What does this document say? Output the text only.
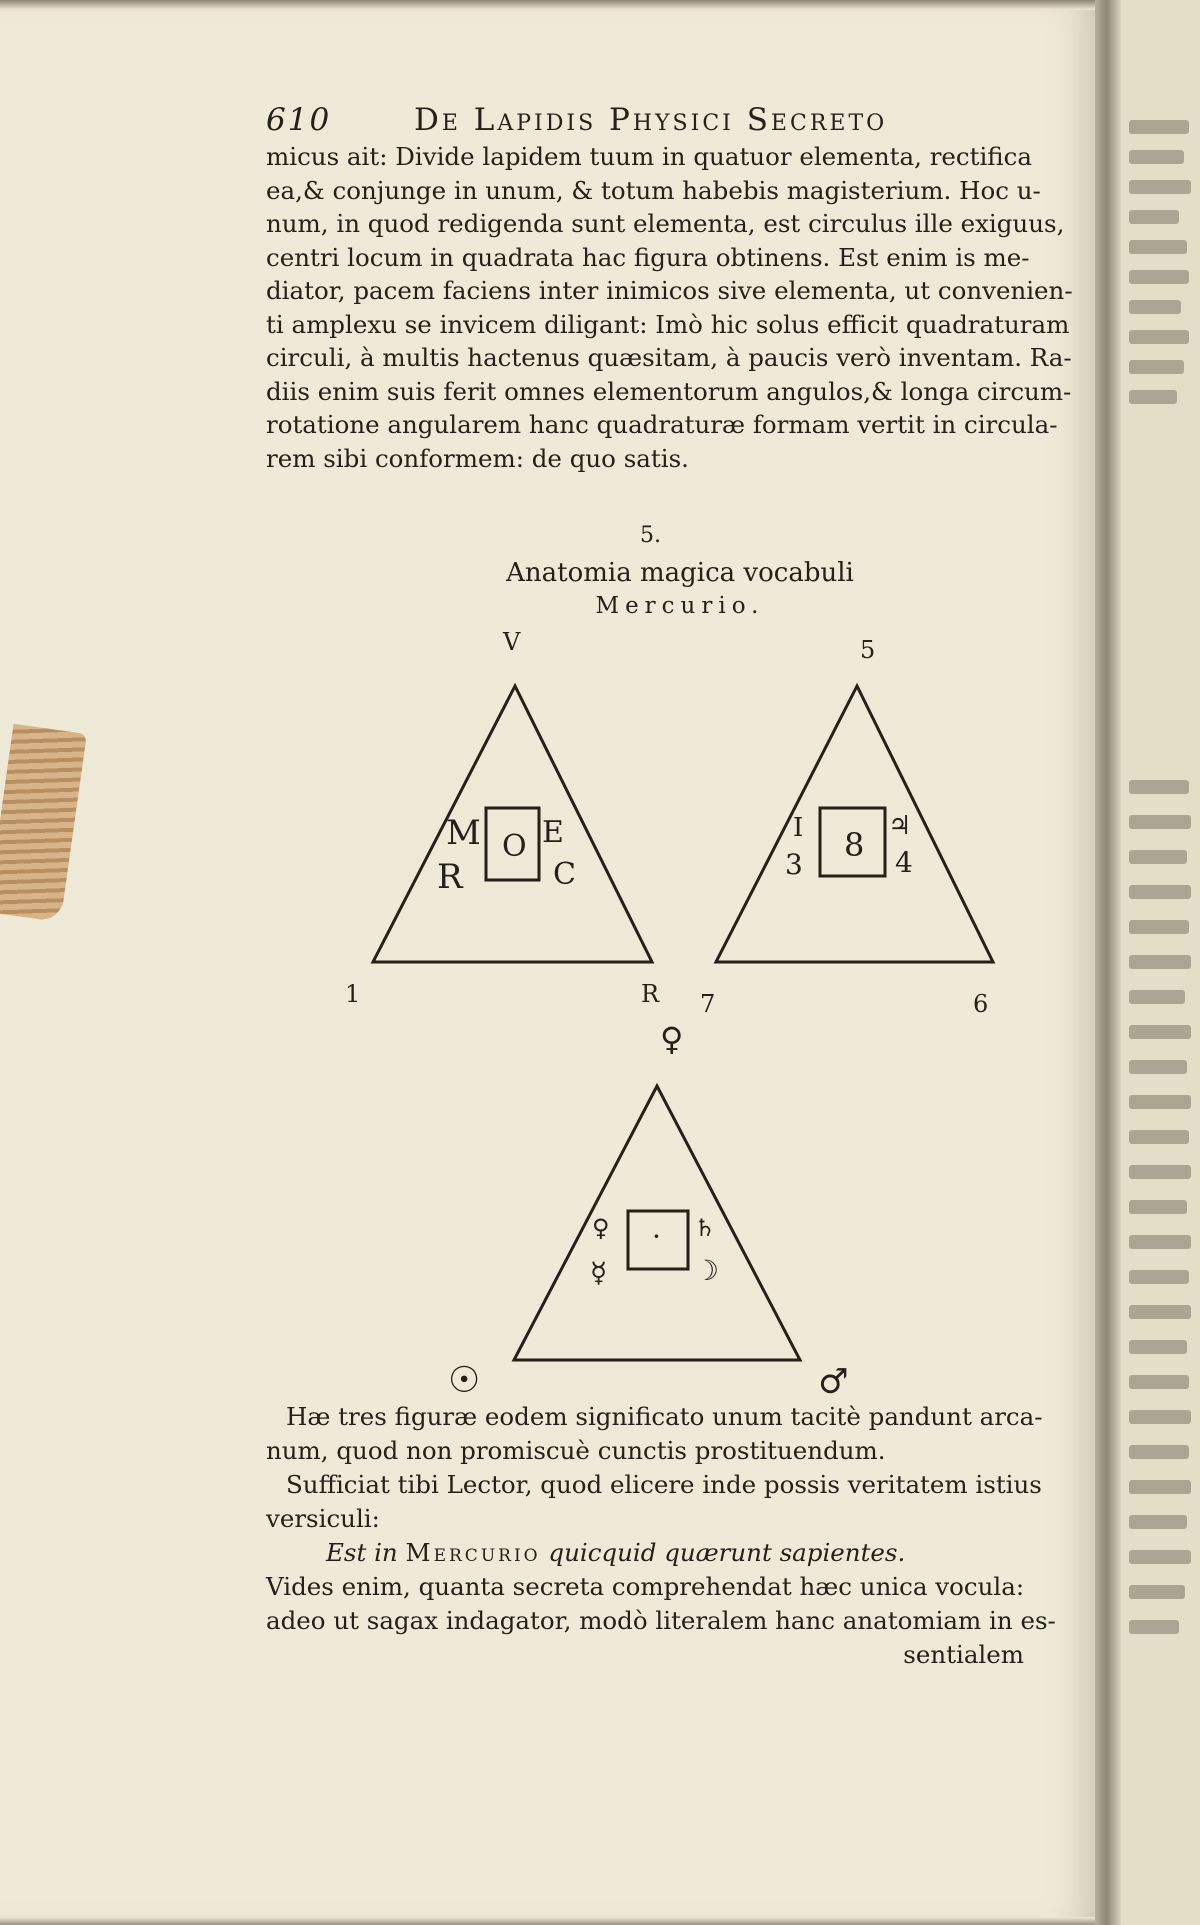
610	De Lapidis Physici Secreto
micus ait: Divide lapidem tuum in quatuor elementa, rectifica
ea,& conjunge in unum, & totum habebis magisterium. Hoc u-
num, in quod redigenda sunt elementa, est circulus ille exiguus,
centri locum in quadrata hac figura obtinens. Est enim is me-
diator, pacem faciens inter inimicos sive elementa, ut convenien-
ti amplexu se invicem diligant: Imò hic solus efficit quadraturam
circuli, à multis hactenus quæsitam, à paucis verò inventam. Ra-
diis enim suis ferit omnes elementorum angulos,& longa circum-
rotatione angularem hanc quadraturæ formam vertit in circula-
rem sibi conformem: de quo satis.
5.
Anatomia magica vocabuli
Mercurio.
M E
R	C
O
I	♃
3	4
8
♀	♄
☿	☽
·
V
1	R
5
7	6
♀
☉	♂
Hæ tres figuræ eodem significato unum tacitè pandunt arca-
num, quod non promiscuè cunctis prostituendum.
Sufficiat tibi Lector, quod elicere inde possis veritatem istius
versiculi:
Est in Mercurio quicquid quærunt sapientes.
Vides enim, quanta secreta comprehendat hæc unica vocula:
adeo ut sagax indagator, modò literalem hanc anatomiam in es-
sentialem
